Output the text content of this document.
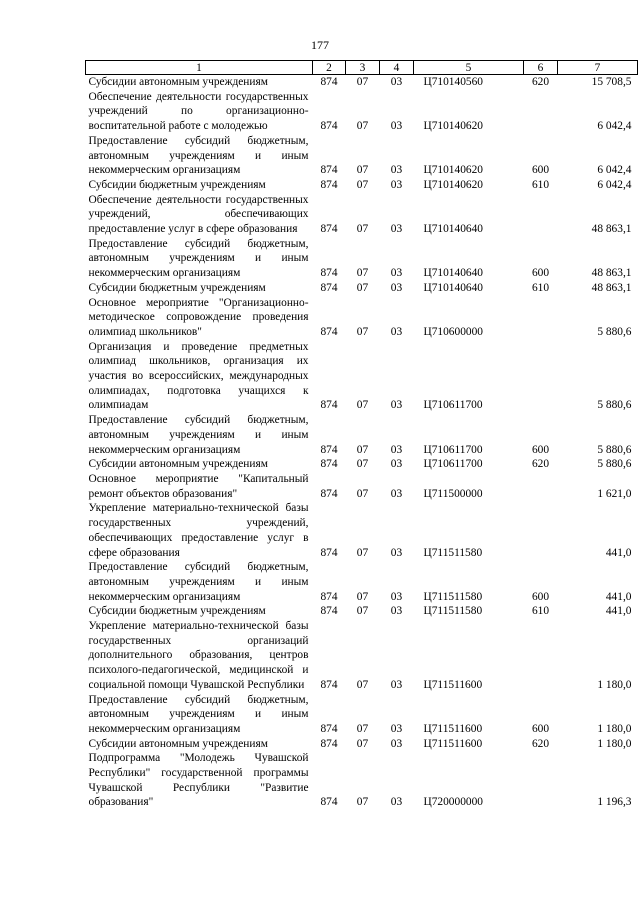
177
1	2	3	4	5	6	7
Субсидии автономным учреждениям	874	07	03	Ц710140560	620	15 708,5
Обеспечение деятельности государственных учреждений по организационно-воспитательной работе с молодежью	874	07	03	Ц710140620		6 042,4
Предоставление субсидий бюджетным, автономным учреждениям и иным некоммерческим организациям	874	07	03	Ц710140620	600	6 042,4
Субсидии бюджетным учреждениям	874	07	03	Ц710140620	610	6 042,4
Обеспечение деятельности государственных учреждений, обеспечивающих предоставление услуг в сфере образования	874	07	03	Ц710140640		48 863,1
Предоставление субсидий бюджетным, автономным учреждениям и иным некоммерческим организациям	874	07	03	Ц710140640	600	48 863,1
Субсидии бюджетным учреждениям	874	07	03	Ц710140640	610	48 863,1
Основное мероприятие "Организационно-методическое сопровождение проведения олимпиад школьников"	874	07	03	Ц710600000		5 880,6
Организация и проведение предметных олимпиад школьников, организация их участия во всероссийских, международных олимпиадах, подготовка учащихся к олимпиадам	874	07	03	Ц710611700		5 880,6
Предоставление субсидий бюджетным, автономным учреждениям и иным некоммерческим организациям	874	07	03	Ц710611700	600	5 880,6
Субсидии автономным учреждениям	874	07	03	Ц710611700	620	5 880,6
Основное мероприятие "Капитальный ремонт объектов образования"	874	07	03	Ц711500000		1 621,0
Укрепление материально-технической базы государственных учреждений, обеспечивающих предоставление услуг в сфере образования	874	07	03	Ц711511580		441,0
Предоставление субсидий бюджетным, автономным учреждениям и иным некоммерческим организациям	874	07	03	Ц711511580	600	441,0
Субсидии бюджетным учреждениям	874	07	03	Ц711511580	610	441,0
Укрепление материально-технической базы государственных организаций дополнительного образования, центров психолого-педагогической, медицинской и социальной помощи Чувашской Республики	874	07	03	Ц711511600		1 180,0
Предоставление субсидий бюджетным, автономным учреждениям и иным некоммерческим организациям	874	07	03	Ц711511600	600	1 180,0
Субсидии автономным учреждениям	874	07	03	Ц711511600	620	1 180,0
Подпрограмма "Молодежь Чувашской Республики" государственной программы Чувашской Республики "Развитие образования"	874	07	03	Ц720000000		1 196,3
